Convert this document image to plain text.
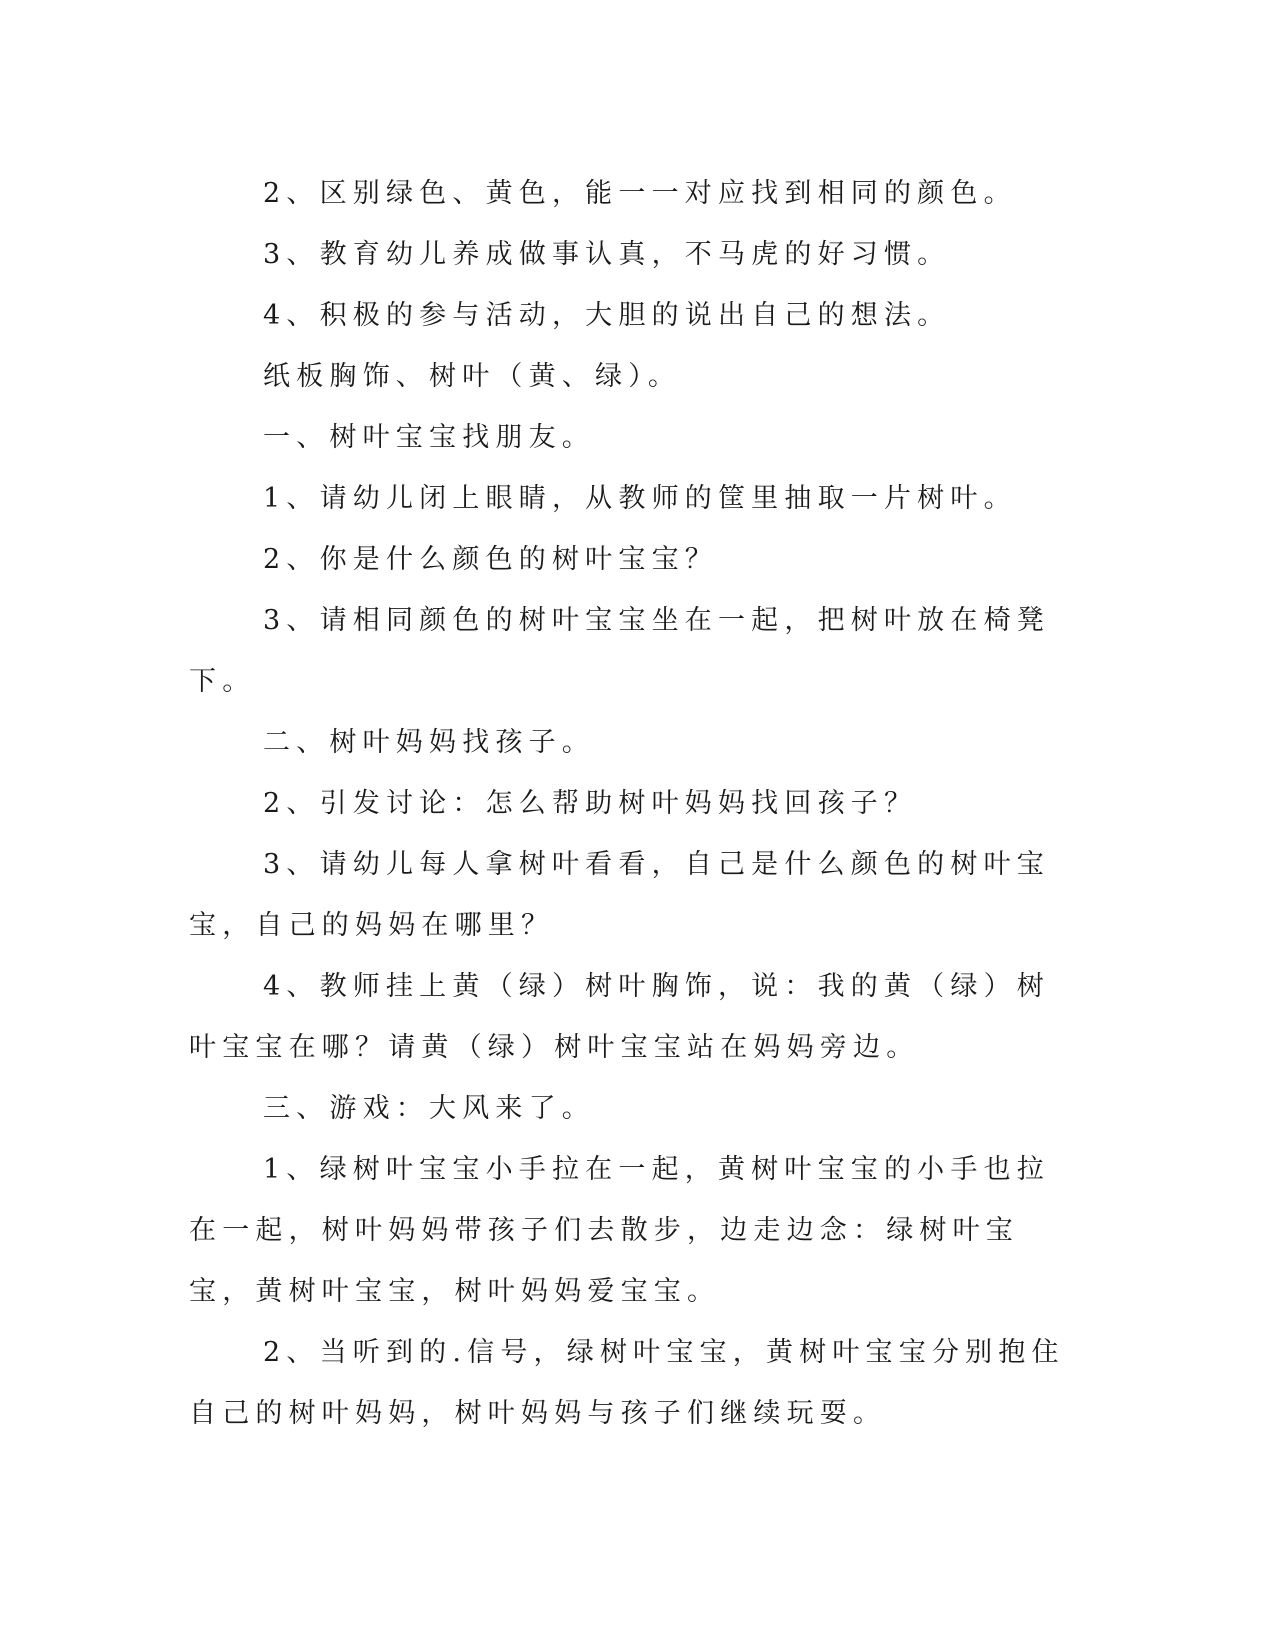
2、区别绿色、黄色，能一一对应找到相同的颜色。

3、教育幼儿养成做事认真，不马虎的好习惯。

4、积极的参与活动，大胆的说出自己的想法。

纸板胸饰、树叶（黄、绿）。

一、树叶宝宝找朋友。

1、请幼儿闭上眼睛，从教师的筐里抽取一片树叶。

2、你是什么颜色的树叶宝宝？

3、请相同颜色的树叶宝宝坐在一起，把树叶放在椅凳下。

二、树叶妈妈找孩子。

2、引发讨论：怎么帮助树叶妈妈找回孩子？

3、请幼儿每人拿树叶看看，自己是什么颜色的树叶宝宝，自己的妈妈在哪里？

4、教师挂上黄（绿）树叶胸饰，说：我的黄（绿）树叶宝宝在哪？请黄（绿）树叶宝宝站在妈妈旁边。

三、游戏：大风来了。

1、绿树叶宝宝小手拉在一起，黄树叶宝宝的小手也拉在一起，树叶妈妈带孩子们去散步，边走边念：绿树叶宝宝，黄树叶宝宝，树叶妈妈爱宝宝。

2、当听到的.信号，绿树叶宝宝，黄树叶宝宝分别抱住自己的树叶妈妈，树叶妈妈与孩子们继续玩耍。
